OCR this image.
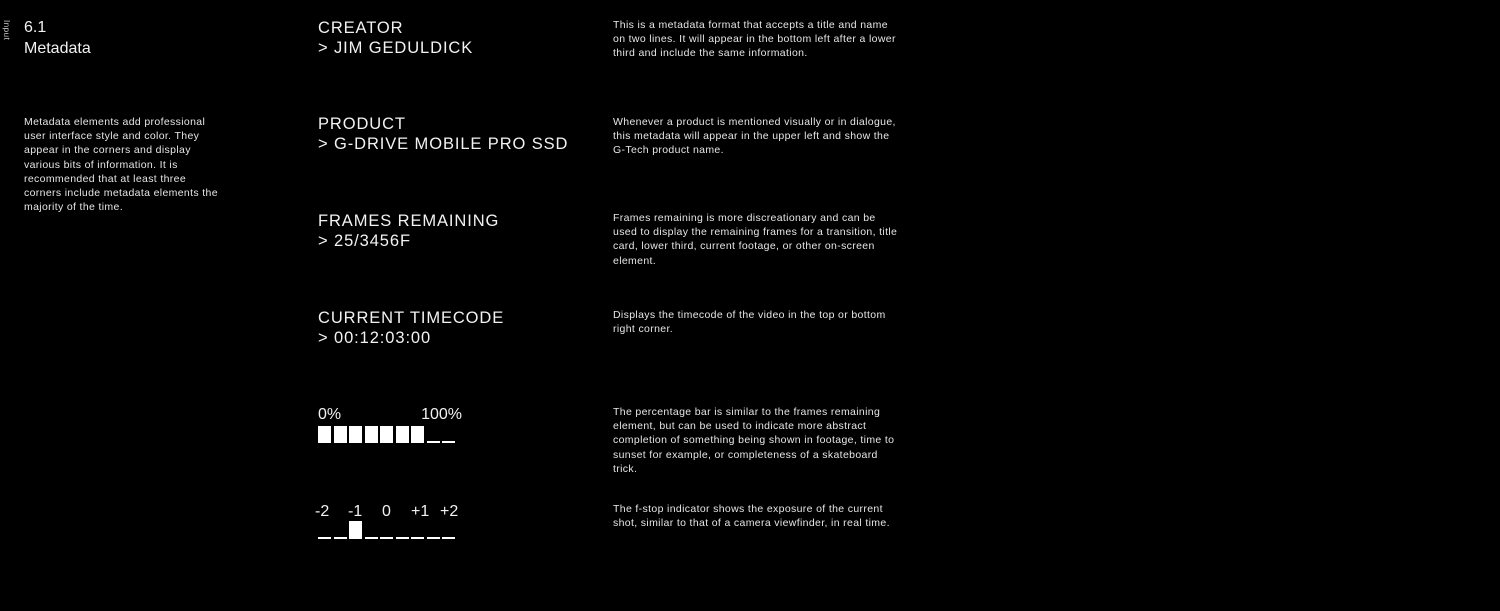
Input 6.1
Metadata
Metadata elements add professional user interface style and color. They appear in the corners and display various bits of information. It is recommended that at least three corners include metadata elements the majority of the time.
CREATOR
> JIM GEDULDICK
This is a metadata format that accepts a title and name on two lines. It will appear in the bottom left after a lower third and include the same information.
PRODUCT
> G-DRIVE MOBILE PRO SSD
Whenever a product is mentioned visually or in dialogue, this metadata will appear in the upper left and show the G-Tech product name.
FRAMES REMAINING
> 25/3456F
Frames remaining is more discreationary and can be used to display the remaining frames for a transition, title card, lower third, current footage, or other on-screen element.
CURRENT TIMECODE
> 00:12:03:00
Displays the timecode of the video in the top or bottom right corner.
0%	100%	The percentage bar is similar to the frames remaining element, but can be used to indicate more abstract completion of something being shown in footage, time to sunset for example, or completeness of a skateboard trick.
-2 -1 0 +1 +2	The f-stop indicator shows the exposure of the current shot, similar to that of a camera viewfinder, in real time.
